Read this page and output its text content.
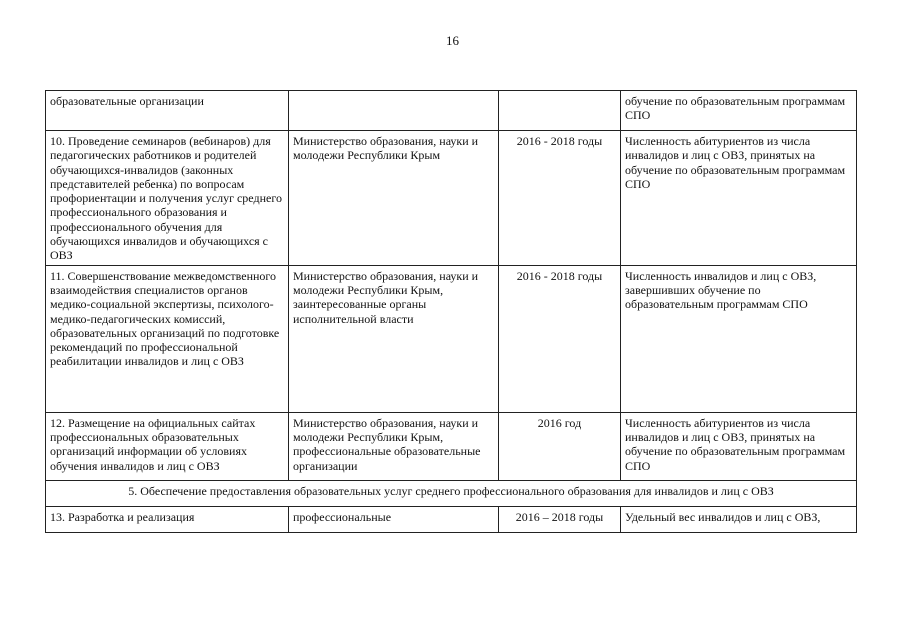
16
образовательные организации			обучение по образовательным программам СПО
10. Проведение семинаров (вебинаров) для педагогических работников и родителей обучающихся-инвалидов (законных представителей ребенка) по вопросам профориентации и получения услуг среднего профессионального образования и профессионального обучения для обучающихся инвалидов и обучающихся с ОВЗ	Министерство образования, науки и молодежи Республики Крым	2016 - 2018 годы	Численность абитуриентов из числа инвалидов и лиц с ОВЗ, принятых на обучение по образовательным программам СПО
11. Совершенствование межведомственного взаимодействия специалистов органов медико-социальной экспертизы, психолого-медико-педагогических комиссий, образовательных организаций по подготовке рекомендаций по профессиональной реабилитации инвалидов и лиц с ОВЗ	Министерство образования, науки и молодежи Республики Крым, заинтересованные органы исполнительной власти	2016 - 2018 годы	Численность инвалидов и лиц с ОВЗ, завершивших обучение по образовательным программам СПО
12. Размещение на официальных сайтах профессиональных образовательных организаций информации об условиях обучения инвалидов и лиц с ОВЗ	Министерство образования, науки и молодежи Республики Крым, профессиональные образовательные организации	2016 год	Численность абитуриентов из числа инвалидов и лиц с ОВЗ, принятых на обучение по образовательным программам СПО
5. Обеспечение предоставления образовательных услуг среднего профессионального образования для инвалидов и лиц с ОВЗ			
13. Разработка и реализация	профессиональные	2016 – 2018 годы	Удельный вес инвалидов и лиц с ОВЗ,
